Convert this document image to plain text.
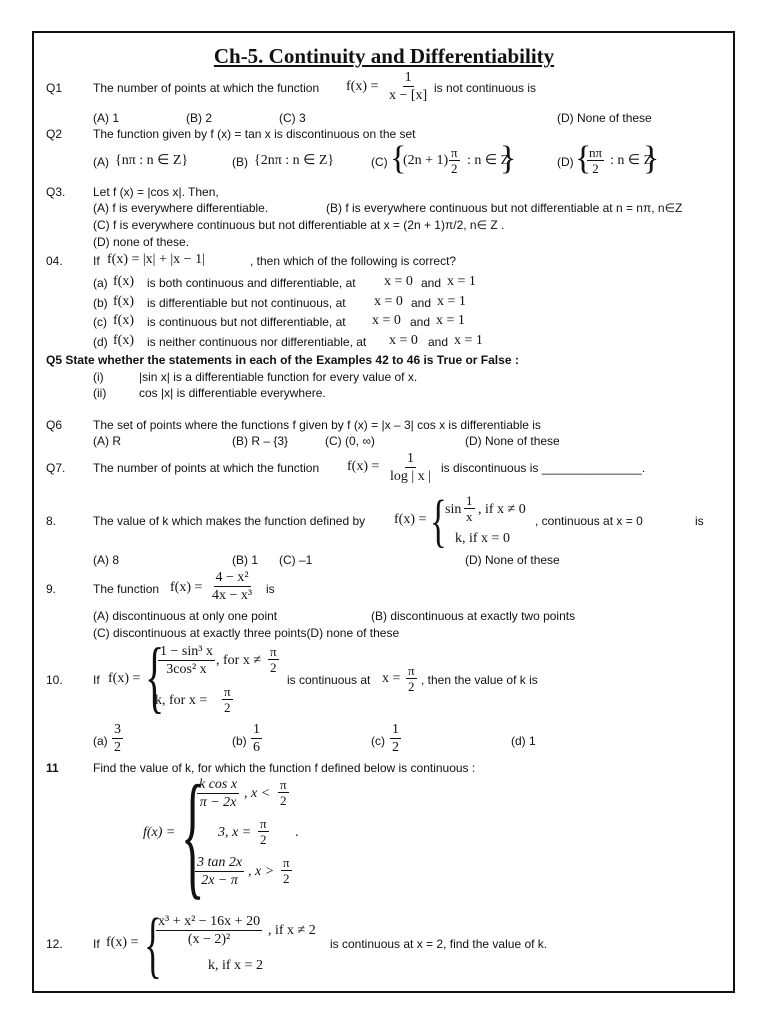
Ch-5. Continuity and Differentiability
Q1	The number of points at which the function $f(x) = \frac{1}{x - [x]}$ is not continuous is
(A) 1	(B) 2	(C) 3	(D) None of these
Q2	The function given by f (x) = tan x is discontinuous on the set
(A) {nπ : n ∈ Z}	(B) {2nπ : n ∈ Z}	(C) {
$(2n + 1) \frac{\pi}{2}$ : n ∈ Z
}	(D) {
$\frac{n\pi}{2}$ : n ∈ Z
}
Q3. Let f (x) = |cos x|. Then,
(A) f is everywhere differentiable.	(B) f is everywhere continuous but not differentiable at n = nπ, n∈Z
(C) f is everywhere continuous but not differentiable at x = (2n + 1)π/2, n∈ Z .
(D) none of these.
04.	If f(x) = |x| + |x − 1|	, then which of the following is correct?
(a) f(x) is both continuous and differentiable, at x = 0 and x = 1
(b) f(x) is differentiable but not continuous, at x = 0 and x = 1
(c) f(x) is continuous but not differentiable, at x = 0 and x = 1
(d) f(x) is neither continuous nor differentiable, at x = 0 and x = 1
Q5 State whether the statements in each of the Examples 42 to 46 is True or False :
(i)	|sin x| is a differentiable function for every value of x.
(ii)	cos |x| is differentiable everywhere.
Q6	The set of points where the functions f given by f (x) = |x – 3| cos x is differentiable is
(A) R	(B) R – {3}	(C) (0, ∞)	(D) None of these
Q7. The number of points at which the function $f(x) = \frac{1}{\log | x |}$ is discontinuous is _______________.
8.	The value of k which makes the function defined by f(x) = {
$\sin \frac{1}{x}$ , if x ≠ 0
k, if x = 0
, continuous at x = 0	is
(A) 8	(B) 1 (C) –1	(D) None of these
9.	The function $f(x) = \frac{\text{4 − x²}}{\text{4x − x³}}$ is
(A) discontinuous at only one point	(B) discontinuous at exactly two points
(C) discontinuous at exactly three points(D) none of these
10.	If f(x) = {
$\frac{\text{1 − sin³ x}}{\text{3cos² x}}$ , for $x \ne \frac{\pi}{2}$
k, for $x = \frac{\pi}{2}$
is continuous at $x = \frac{\pi}{2}$ , then the value of k is
$(a) \frac{3}{2}$	$(b) \frac{1}{6}$	$(c) \frac{1}{2}$	(d) 1
11	Find the value of k, for which the function f defined below is continuous :
f(x) = {
$\frac{\text{k cos x}}{\pi - 2x}$ , $x < \frac{\pi}{2}$
3, $x = \frac{\pi}{2}$ .
$\frac{3 \tan 2x}{2x - \pi}$ , $x > \frac{\pi}{2}$
12.	If f(x) = {
$\frac{\text{x³ + x² − 16x + 20}}{\text{(x − 2)²}}$ , if x ≠ 2
k, if x = 2
is continuous at x = 2, find the value of k.
